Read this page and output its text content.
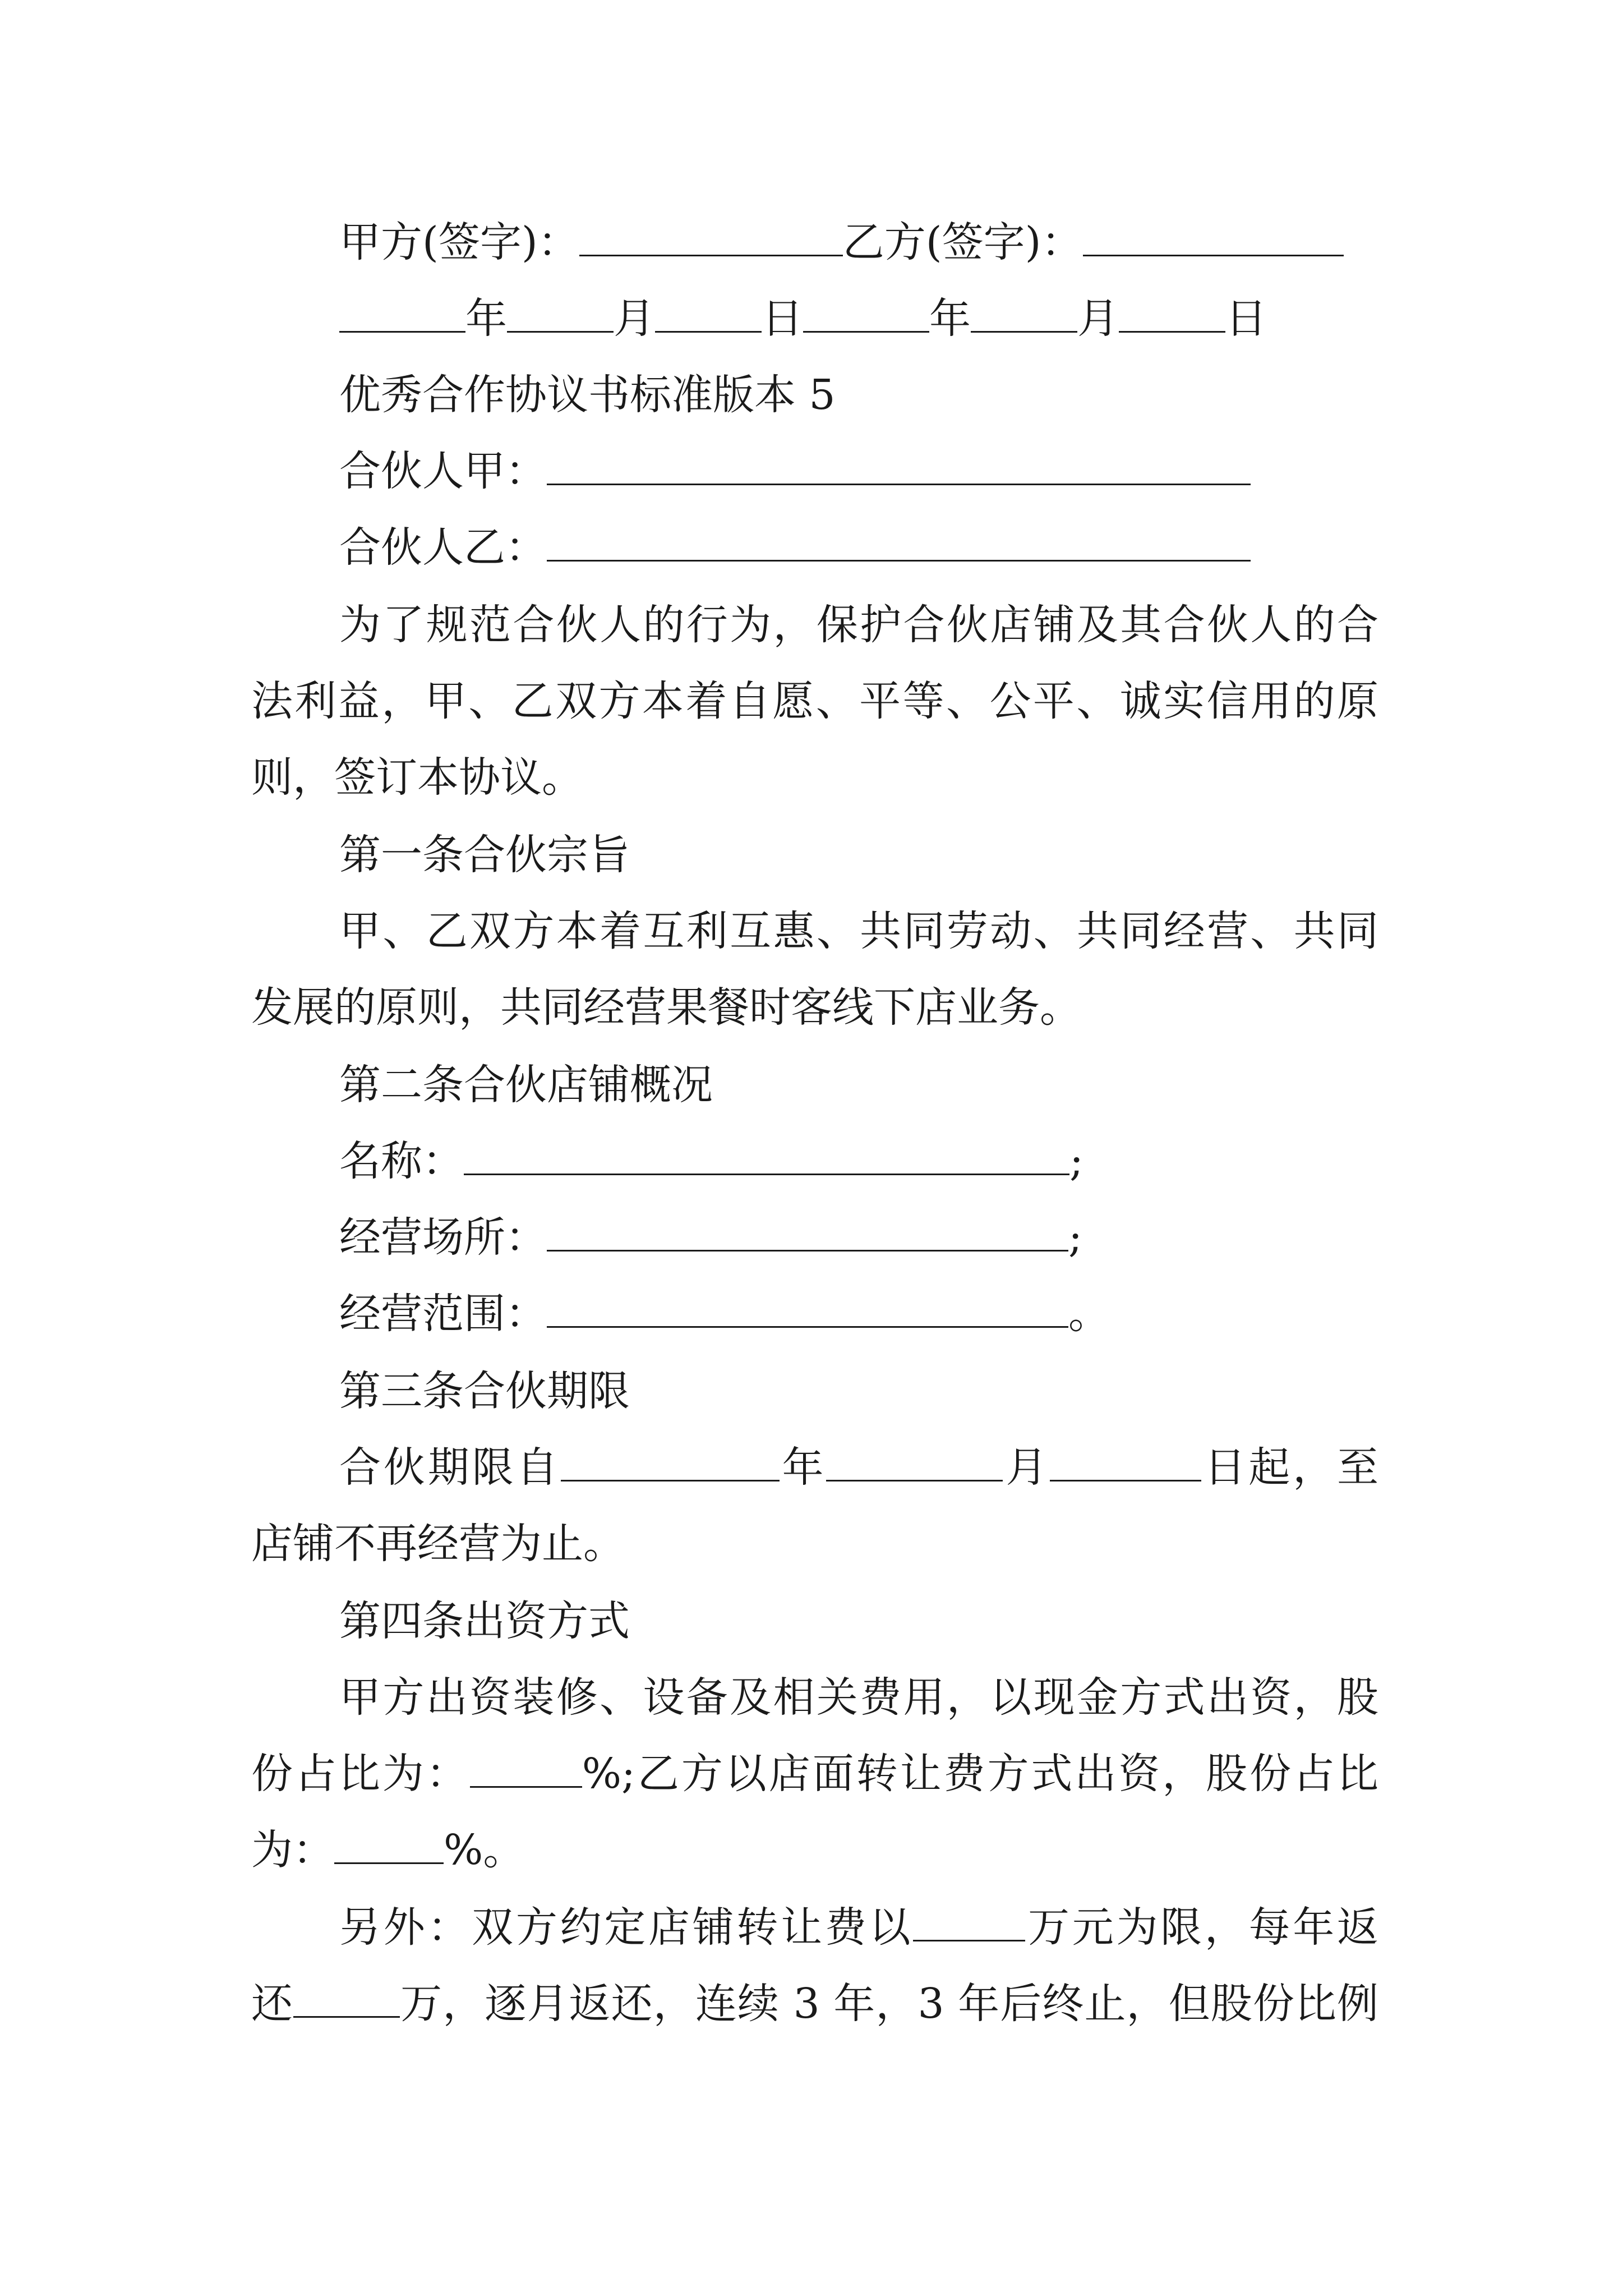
甲方(签字)：	乙方(签字)：
年	月	日	年	月	日
优秀合作协议书标准版本 5
合伙人甲：
合伙人乙：
为了规范合伙人的行为，保护合伙店铺及其合伙人的合
法利益，甲、乙双方本着自愿、平等、公平、诚实信用的原
则，签订本协议。
第一条合伙宗旨
甲、乙双方本着互利互惠、共同劳动、共同经营、共同
发展的原则，共同经营果餐时客线下店业务。
第二条合伙店铺概况
名称：	;
经营场所：	;
经营范围：	。
第三条合伙期限
合伙期限自	年	月	日起，至
店铺不再经营为止。
第四条出资方式
甲方出资装修、设备及相关费用，以现金方式出资，股
份占比为：	%;乙方以店面转让费方式出资，股份占比
为：	%。
另外：双方约定店铺转让费以	万元为限，每年返
还	万，逐月返还，连续 3 年，3 年后终止，但股份比例
